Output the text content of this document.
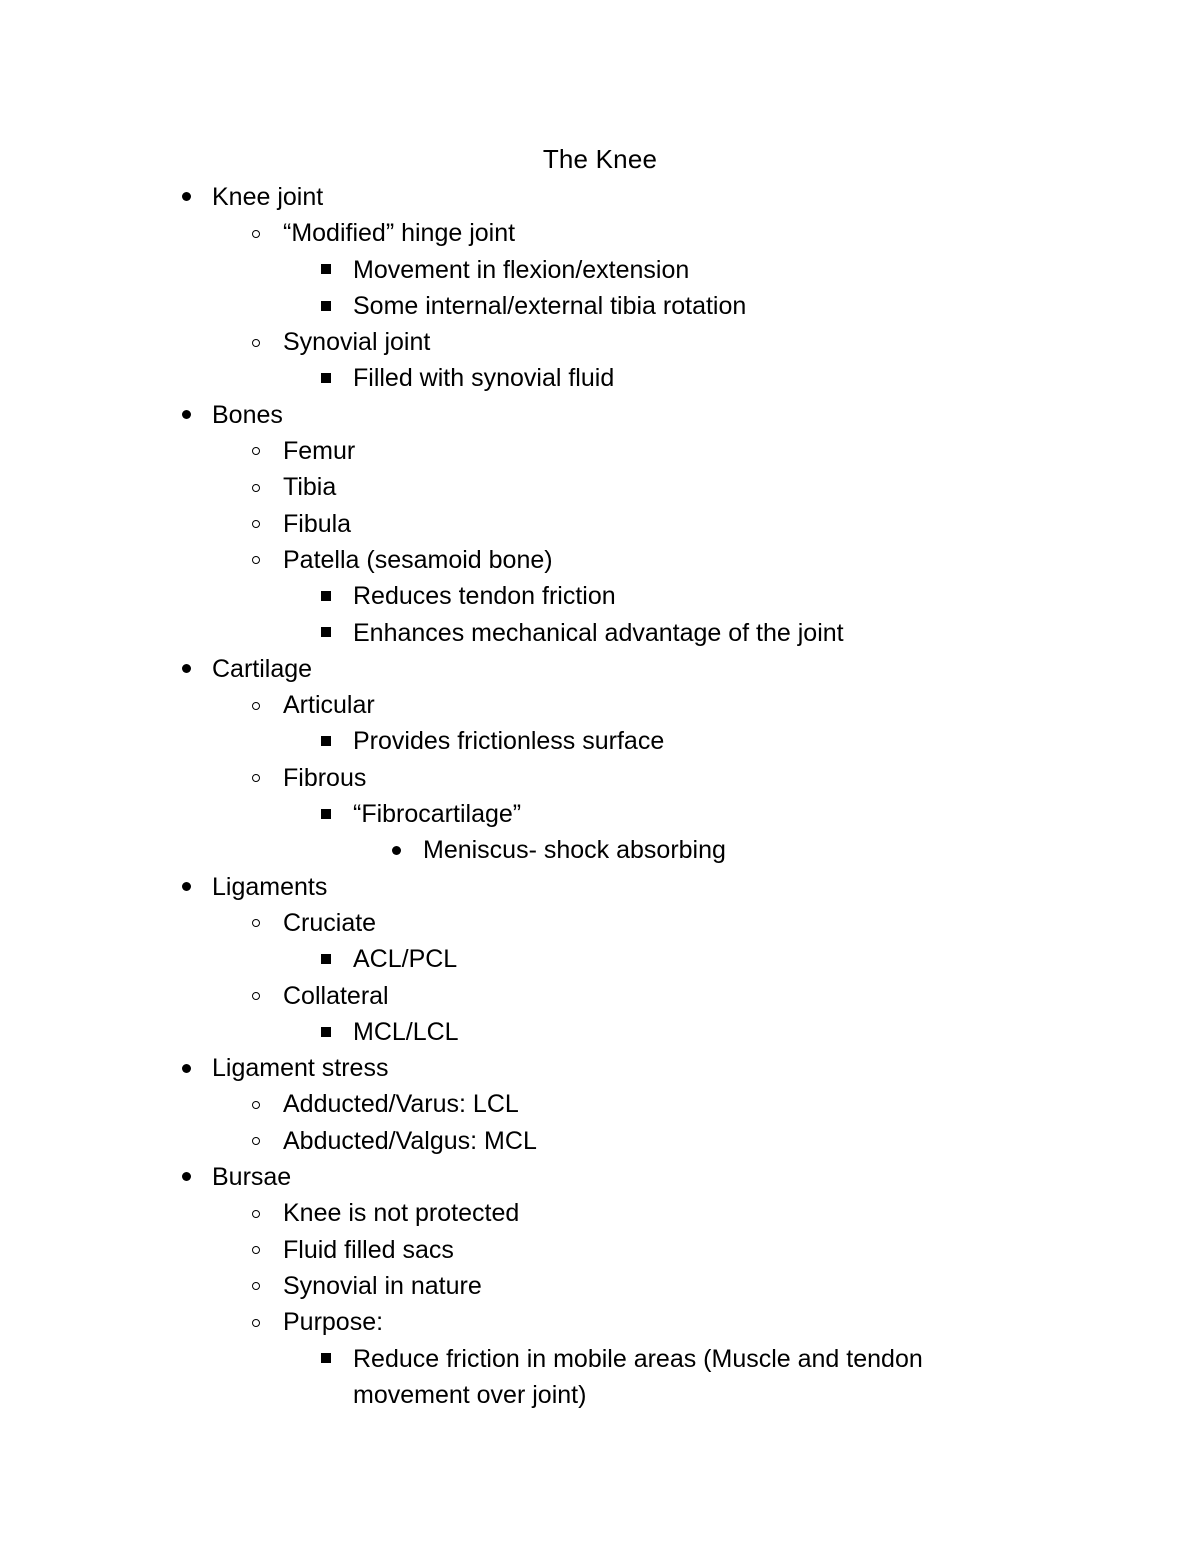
The Knee
Knee joint
“Modified” hinge joint
Movement in flexion/extension
Some internal/external tibia rotation
Synovial joint
Filled with synovial fluid
Bones
Femur
Tibia
Fibula
Patella (sesamoid bone)
Reduces tendon friction
Enhances mechanical advantage of the joint
Cartilage
Articular
Provides frictionless surface
Fibrous
“Fibrocartilage”
Meniscus- shock absorbing
Ligaments
Cruciate
ACL/PCL
Collateral
MCL/LCL
Ligament stress
Adducted/Varus: LCL
Abducted/Valgus: MCL
Bursae
Knee is not protected
Fluid filled sacs
Synovial in nature
Purpose:
Reduce friction in mobile areas (Muscle and tendon movement over joint)
